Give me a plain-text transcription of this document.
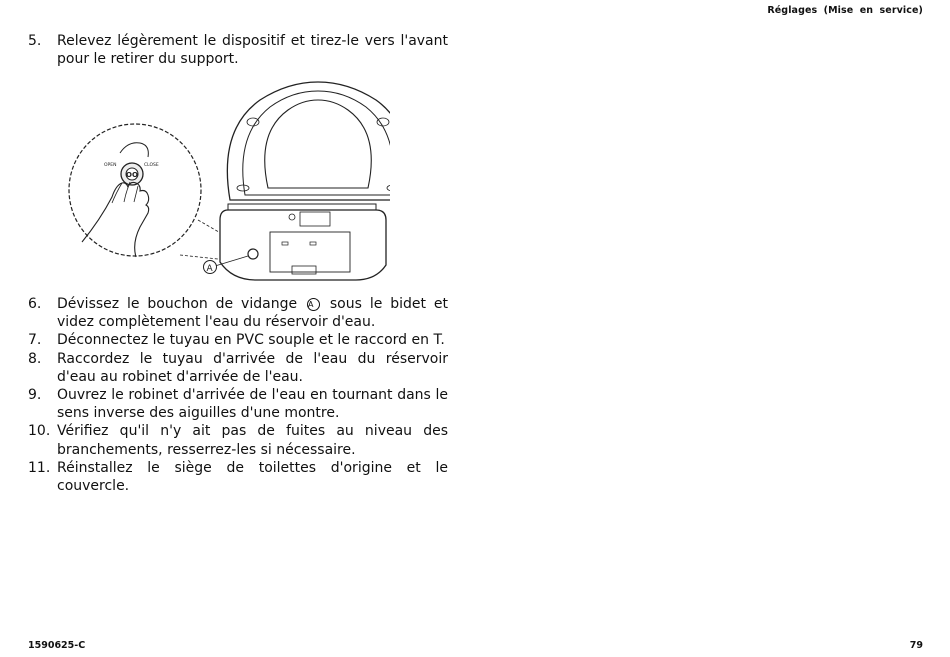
Réglages (Mise en service)
5.	Relevez légèrement le dispositif et tirez-le vers l'avant pour le retirer du support.
OPEN	CLOSE
OO
A
6.	Dévissez le bouchon de vidange A sous le bidet et videz complètement l'eau du réservoir d'eau.
7.	Déconnectez le tuyau en PVC souple et le raccord en T.
8.	Raccordez le tuyau d'arrivée de l'eau du réservoir d'eau au robinet d'arrivée de l'eau.
9.	Ouvrez le robinet d'arrivée de l'eau en tournant dans le sens inverse des aiguilles d'une montre.
10. Vérifiez qu'il n'y ait pas de fuites au niveau des branchements, resserrez-les si nécessaire.
11. Réinstallez le siège de toilettes d'origine et le couvercle.
1590625-C	79
